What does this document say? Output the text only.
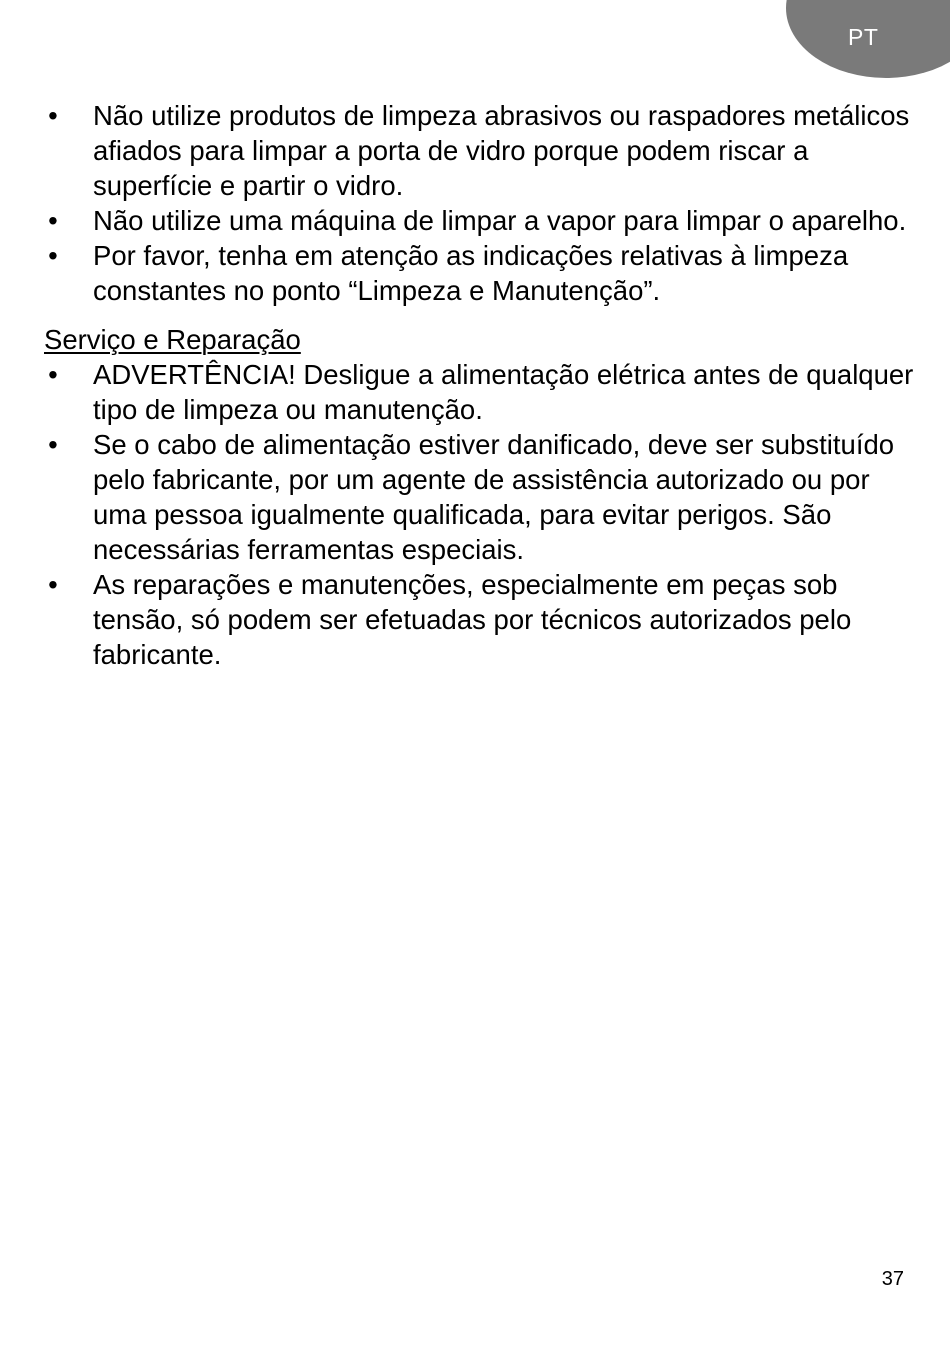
PT
• Não utilize produtos de limpeza abrasivos ou raspadores metálicos afiados para limpar a porta de vidro porque podem riscar a superfície e partir o vidro.
• Não utilize uma máquina de limpar a vapor para limpar o aparelho.
• Por favor, tenha em atenção as indicações relativas à limpeza constantes no ponto “Limpeza e Manutenção”.
Serviço e Reparação
• ADVERTÊNCIA! Desligue a alimentação elétrica antes de qualquer tipo de limpeza ou manutenção.
• Se o cabo de alimentação estiver danificado, deve ser substituído pelo fabricante, por um agente de assistência autorizado ou por uma pessoa igualmente qualificada, para evitar perigos. São necessárias ferramentas especiais.
• As reparações e manutenções, especialmente em peças sob tensão, só podem ser efetuadas por técnicos autorizados pelo fabricante.
37
